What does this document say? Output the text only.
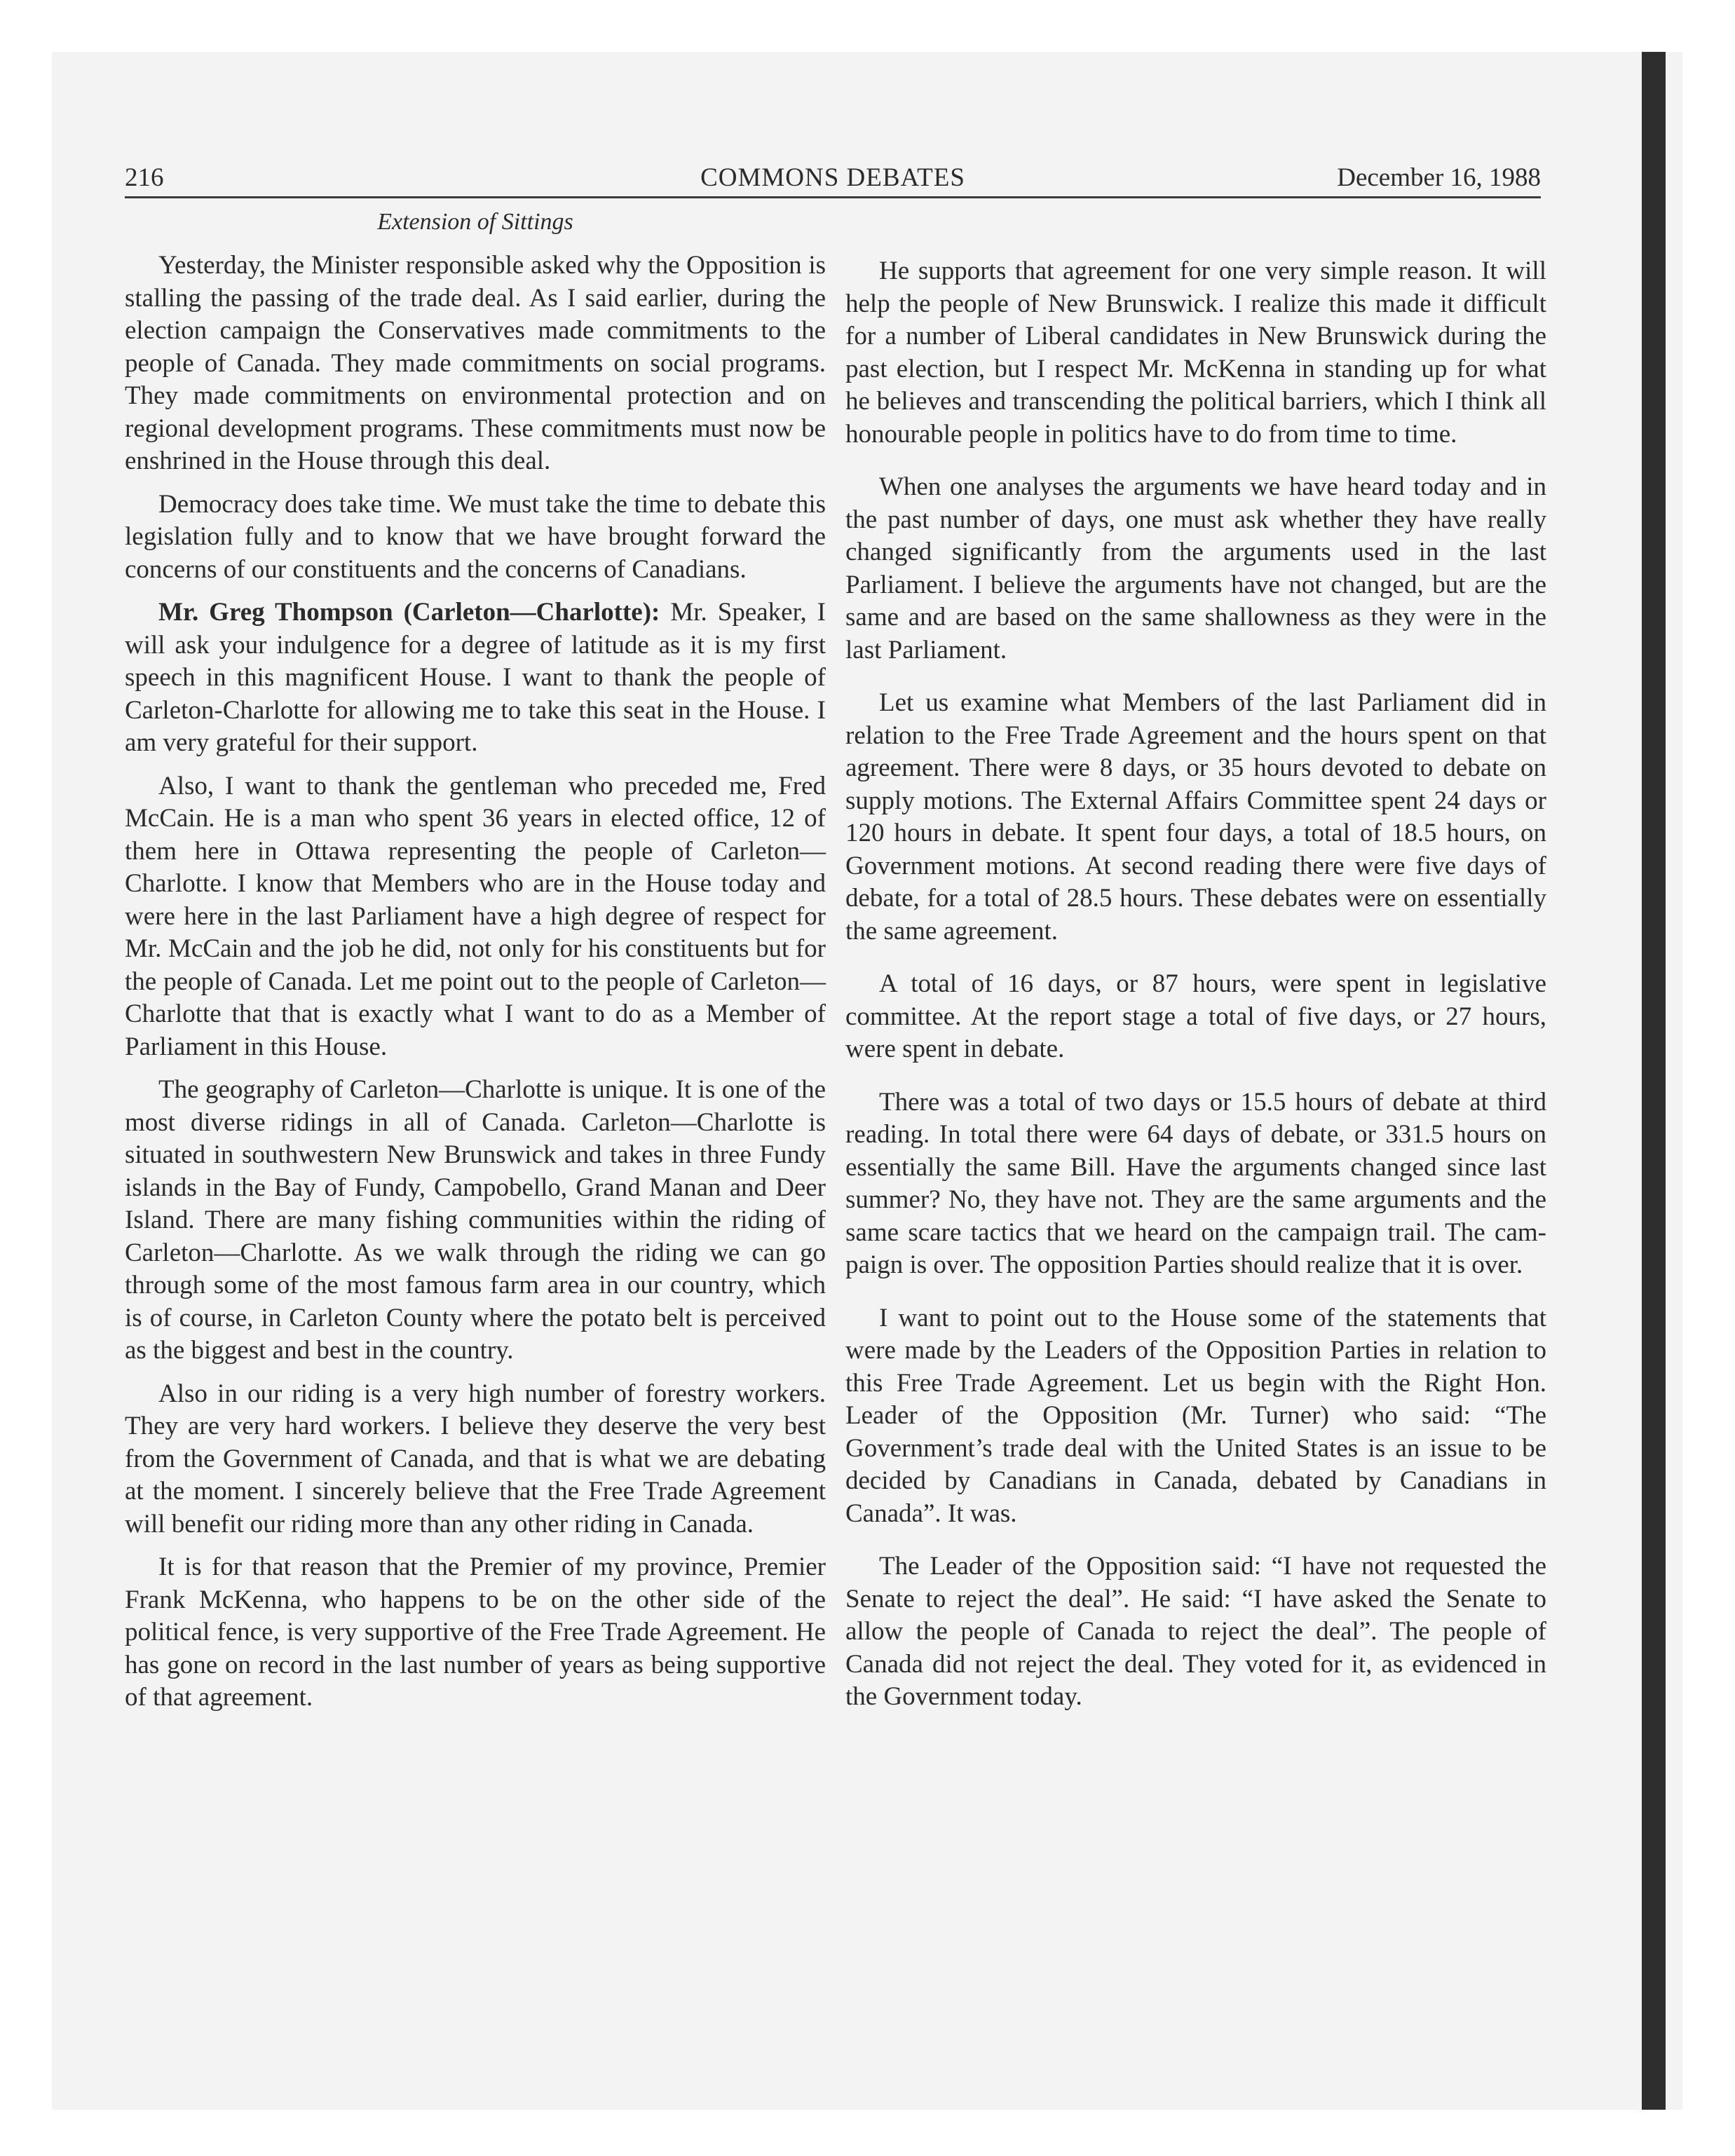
216	COMMONS DEBATES	December 16, 1988
Extension of Sittings

Yesterday, the Minister responsible asked why the Opposition is stalling the passing of the trade deal. As I said earlier, during the election campaign the Conservatives made commitments to the people of Canada. They made commitments on social programs. They made commitments on environmental protection and on regional development programs. These commitments must now be enshrined in the House through this deal.

Democracy does take time. We must take the time to debate this legislation fully and to know that we have brought forward the concerns of our constituents and the concerns of Canadians.

Mr. Greg Thompson (Carleton—Charlotte): Mr. Speaker, I will ask your indulgence for a degree of latitude as it is my first speech in this magnificent House. I want to thank the people of Carleton-Charlotte for allowing me to take this seat in the House. I am very grateful for their support.

Also, I want to thank the gentleman who preceded me, Fred McCain. He is a man who spent 36 years in elected office, 12 of them here in Ottawa representing the people of Carleton—Charlotte. I know that Members who are in the House today and were here in the last Parliament have a high degree of respect for Mr. McCain and the job he did, not only for his constituents but for the people of Canada. Let me point out to the people of Carleton—Charlotte that that is exactly what I want to do as a Member of Parliament in this House.

The geography of Carleton—Charlotte is unique. It is one of the most diverse ridings in all of Canada. Carleton—Charlotte is situated in southwestern New Brunswick and takes in three Fundy islands in the Bay of Fundy, Campobello, Grand Manan and Deer Island. There are many fishing communities within the riding of Carleton—Charlotte. As we walk through the riding we can go through some of the most famous farm area in our country, which is of course, in Carleton County where the potato belt is perceived as the biggest and best in the country.

Also in our riding is a very high number of forestry workers. They are very hard workers. I believe they deserve the very best from the Government of Canada, and that is what we are debating at the moment. I sincerely believe that the Free Trade Agreement will benefit our riding more than any other riding in Canada.

It is for that reason that the Premier of my province, Premier Frank McKenna, who happens to be on the other side of the political fence, is very supportive of the Free Trade Agreement. He has gone on record in the last number of years as being supportive of that agreement.

He supports that agreement for one very simple reason. It will help the people of New Brunswick. I realize this made it difficult for a number of Liberal candidates in New Brunswick during the past election, but I respect Mr. McKenna in standing up for what he believes and transcending the political barriers, which I think all honourable people in politics have to do from time to time.

When one analyses the arguments we have heard today and in the past number of days, one must ask whether they have really changed significantly from the arguments used in the last Parliament. I believe the arguments have not changed, but are the same and are based on the same shallowness as they were in the last Parliament.

Let us examine what Members of the last Parliament did in relation to the Free Trade Agreement and the hours spent on that agreement. There were 8 days, or 35 hours devoted to debate on supply motions. The External Affairs Committee spent 24 days or 120 hours in debate. It spent four days, a total of 18.5 hours, on Government motions. At second reading there were five days of debate, for a total of 28.5 hours. These debates were on essentially the same agreement.

A total of 16 days, or 87 hours, were spent in legislative committee. At the report stage a total of five days, or 27 hours, were spent in debate.

There was a total of two days or 15.5 hours of debate at third reading. In total there were 64 days of debate, or 331.5 hours on essentially the same Bill. Have the arguments changed since last summer? No, they have not. They are the same arguments and the same scare tactics that we heard on the campaign trail. The campaign is over. The opposition Parties should realize that it is over.

I want to point out to the House some of the statements that were made by the Leaders of the Opposition Parties in relation to this Free Trade Agreement. Let us begin with the Right Hon. Leader of the Opposition (Mr. Turner) who said: “The Government’s trade deal with the United States is an issue to be decided by Canadians in Canada, debated by Canadians in Canada”. It was.

The Leader of the Opposition said: “I have not requested the Senate to reject the deal”. He said: “I have asked the Senate to allow the people of Canada to reject the deal”. The people of Canada did not reject the deal. They voted for it, as evidenced in the Government today.
